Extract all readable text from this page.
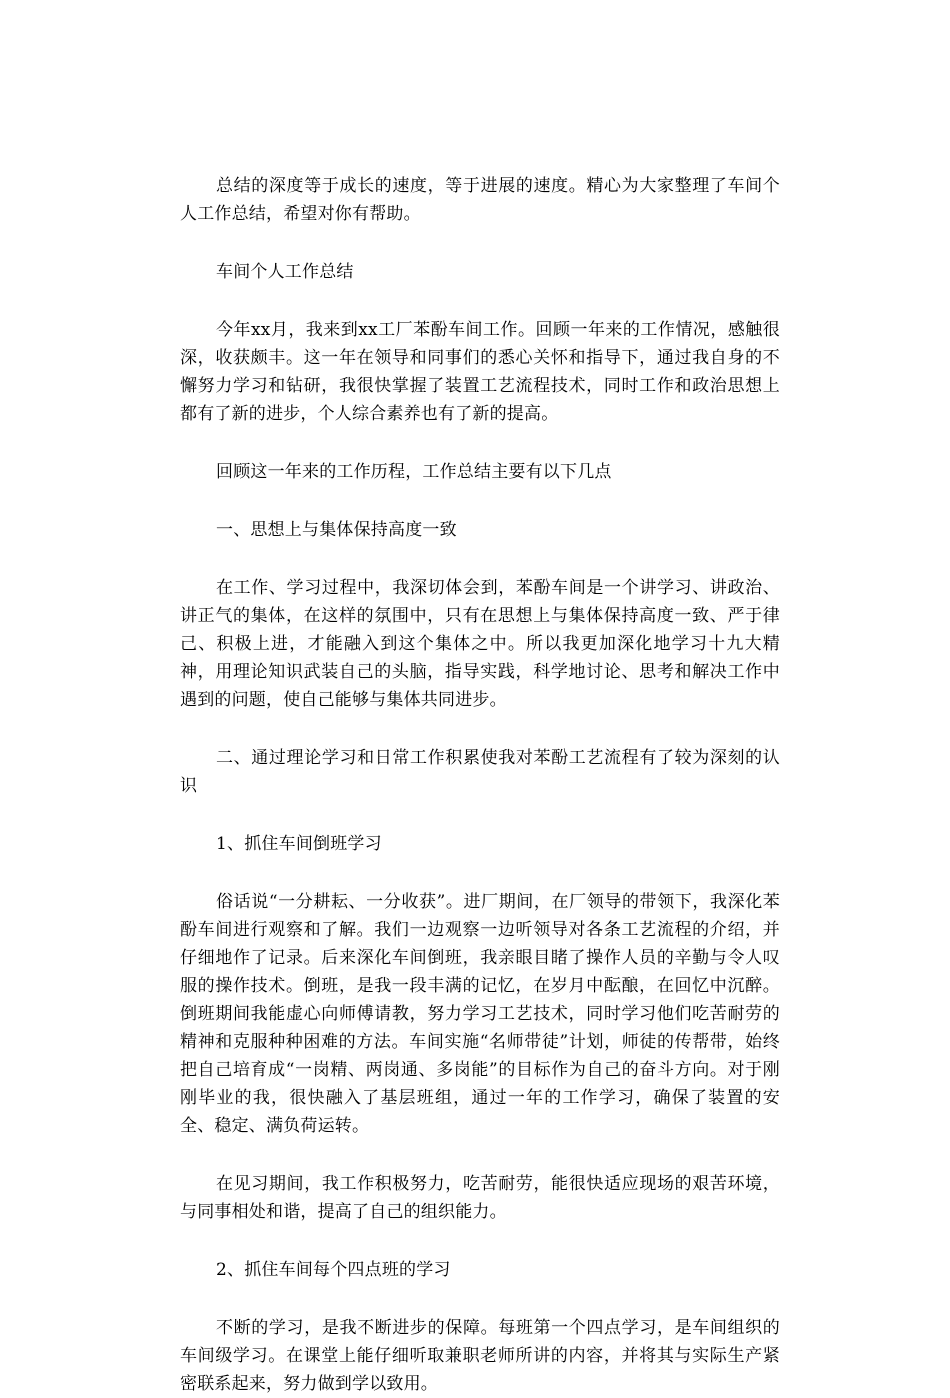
总结的深度等于成长的速度，等于进展的速度。精心为大家整理了车间个人工作总结，希望对你有帮助。

车间个人工作总结

今年xx月，我来到xx工厂苯酚车间工作。回顾一年来的工作情况，感触很深，收获颇丰。这一年在领导和同事们的悉心关怀和指导下，通过我自身的不懈努力学习和钻研，我很快掌握了装置工艺流程技术，同时工作和政治思想上都有了新的进步，个人综合素养也有了新的提高。

回顾这一年来的工作历程，工作总结主要有以下几点

一、思想上与集体保持高度一致

在工作、学习过程中，我深切体会到，苯酚车间是一个讲学习、讲政治、讲正气的集体，在这样的氛围中，只有在思想上与集体保持高度一致、严于律己、积极上进，才能融入到这个集体之中。所以我更加深化地学习十九大精神，用理论知识武装自己的头脑，指导实践，科学地讨论、思考和解决工作中遇到的问题，使自己能够与集体共同进步。

二、通过理论学习和日常工作积累使我对苯酚工艺流程有了较为深刻的认识

1、抓住车间倒班学习

俗话说“一分耕耘、一分收获”。进厂期间，在厂领导的带领下，我深化苯酚车间进行观察和了解。我们一边观察一边听领导对各条工艺流程的介绍，并仔细地作了记录。后来深化车间倒班，我亲眼目睹了操作人员的辛勤与令人叹服的操作技术。倒班，是我一段丰满的记忆，在岁月中酝酿，在回忆中沉醉。倒班期间我能虚心向师傅请教，努力学习工艺技术，同时学习他们吃苦耐劳的精神和克服种种困难的方法。车间实施“名师带徒”计划，师徒的传帮带，始终把自己培育成“一岗精、两岗通、多岗能”的目标作为自己的奋斗方向。对于刚刚毕业的我，很快融入了基层班组，通过一年的工作学习，确保了装置的安全、稳定、满负荷运转。

在见习期间，我工作积极努力，吃苦耐劳，能很快适应现场的艰苦环境，与同事相处和谐，提高了自己的组织能力。

2、抓住车间每个四点班的学习

不断的学习，是我不断进步的保障。每班第一个四点学习，是车间组织的车间级学习。在课堂上能仔细听取兼职老师所讲的内容，并将其与实际生产紧密联系起来，努力做到学以致用。
